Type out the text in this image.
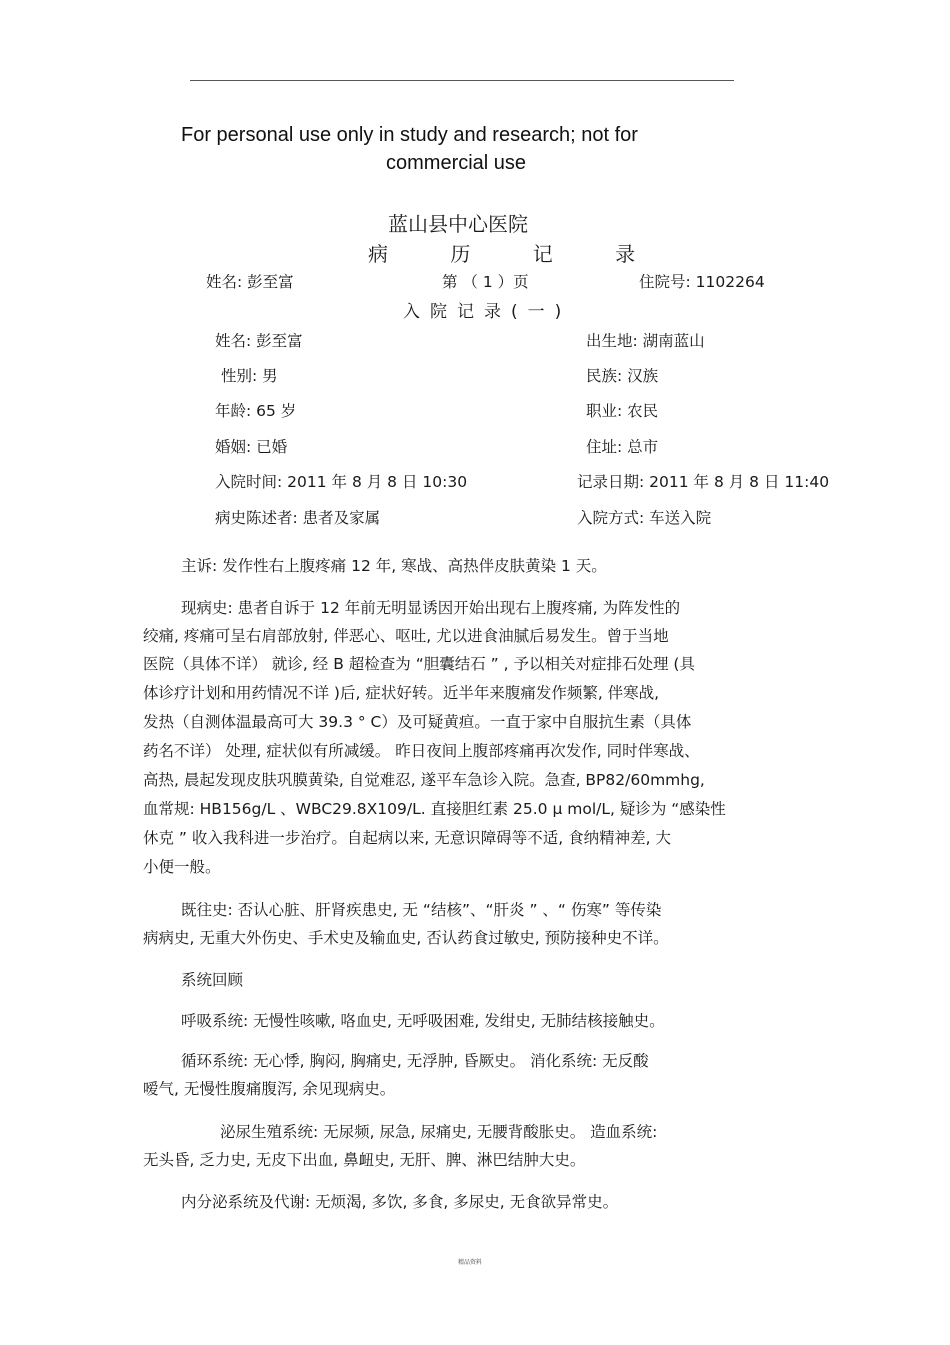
For personal use only in study and research; not for
commercial use
蓝山县中心医院
病 历 记 录
姓名: 彭至富	第 （ 1 ）页	住院号: 1102264
入院记录(一)
姓名: 彭至富	出生地: 湖南蓝山
性别: 男	民族: 汉族
年龄: 65 岁	职业: 农民
婚姻: 已婚	住址: 总市
入院时间: 2011 年 8 月 8 日 10:30	记录日期: 2011 年 8 月 8 日 11:40
病史陈述者: 患者及家属	入院方式: 车送入院
主诉: 发作性右上腹疼痛 12 年, 寒战、高热伴皮肤黄染 1 天。
现病史: 患者自诉于 12 年前无明显诱因开始出现右上腹疼痛, 为阵发性的
绞痛, 疼痛可呈右肩部放射, 伴恶心、呕吐, 尤以进食油腻后易发生。曾于当地
医院（具体不详） 就诊, 经 B 超检查为 “胆囊结石 ” , 予以相关对症排石处理 (具
体诊疗计划和用药情况不详 )后, 症状好转。近半年来腹痛发作频繁, 伴寒战,
发热（自测体温最高可大 39.3 ° C）及可疑黄疸。一直于家中自服抗生素（具体
药名不详） 处理, 症状似有所减缓。 昨日夜间上腹部疼痛再次发作, 同时伴寒战、
高热, 晨起发现皮肤巩膜黄染, 自觉难忍, 遂平车急诊入院。急查, BP82/60mmhg,
血常规: HB156g/L 、WBC29.8X109/L. 直接胆红素 25.0 μ mol/L, 疑诊为 “感染性
休克 ” 收入我科进一步治疗。自起病以来, 无意识障碍等不适, 食纳精神差, 大
小便一般。
既往史: 否认心脏、肝肾疾患史, 无 “结核”、“肝炎 ” 、“ 伤寒” 等传染
病病史, 无重大外伤史、手术史及输血史, 否认药食过敏史, 预防接种史不详。
系统回顾
呼吸系统: 无慢性咳嗽, 咯血史, 无呼吸困难, 发绀史, 无肺结核接触史。
循环系统: 无心悸, 胸闷, 胸痛史, 无浮肿, 昏厥史。 消化系统: 无反酸
嗳气, 无慢性腹痛腹泻, 余见现病史。
泌尿生殖系统: 无尿频, 尿急, 尿痛史, 无腰背酸胀史。 造血系统:
无头昏, 乏力史, 无皮下出血, 鼻衄史, 无肝、脾、淋巴结肿大史。
内分泌系统及代谢: 无烦渴, 多饮, 多食, 多尿史, 无食欲异常史。
精品资料
